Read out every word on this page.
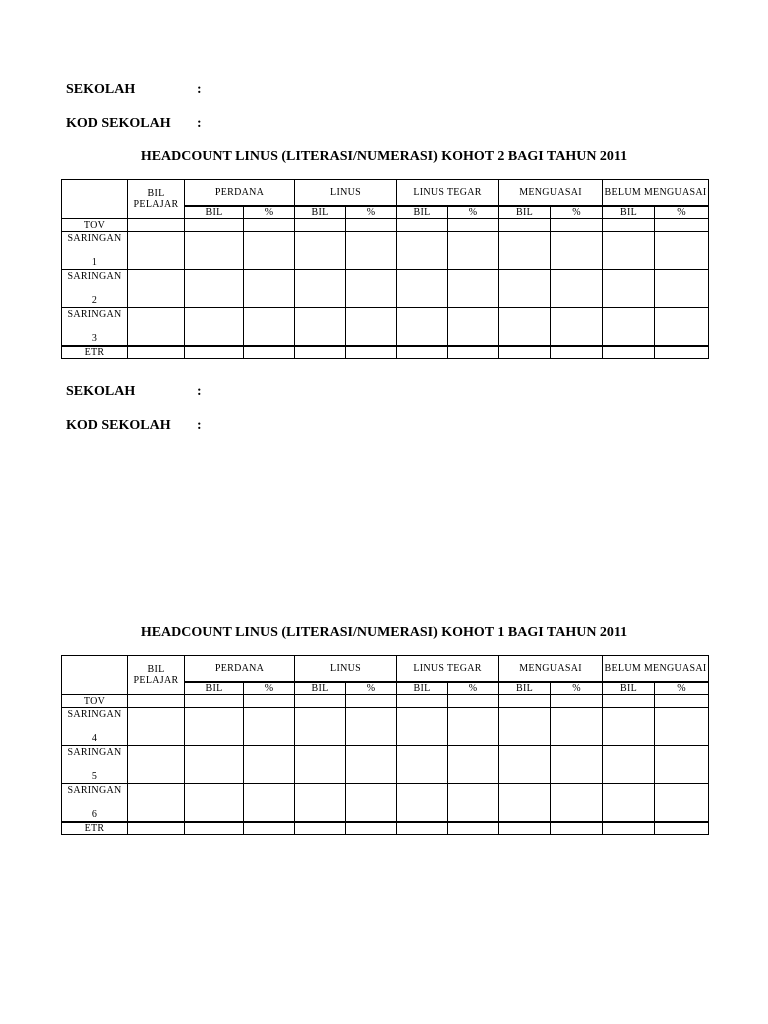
SEKOLAH	:
KOD SEKOLAH :
HEADCOUNT LINUS (LITERASI/NUMERASI) KOHOT 2 BAGI TAHUN 2011
	BIL PELAJAR	PERDANA		LINUS		LINUS TEGAR		MENGUASAI		BELUM MENGUASAI	
		BIL	%	BIL	%	BIL	%	BIL	%	BIL	%
TOV											
SARINGAN

1											
SARINGAN

2											
SARINGAN

3											
ETR											
SEKOLAH	:
KOD SEKOLAH :
HEADCOUNT LINUS (LITERASI/NUMERASI) KOHOT 1 BAGI TAHUN 2011
	BIL PELAJAR	PERDANA		LINUS		LINUS TEGAR		MENGUASAI		BELUM MENGUASAI	
		BIL	%	BIL	%	BIL	%	BIL	%	BIL	%
TOV											
SARINGAN

4											
SARINGAN

5											
SARINGAN

6											
ETR											
